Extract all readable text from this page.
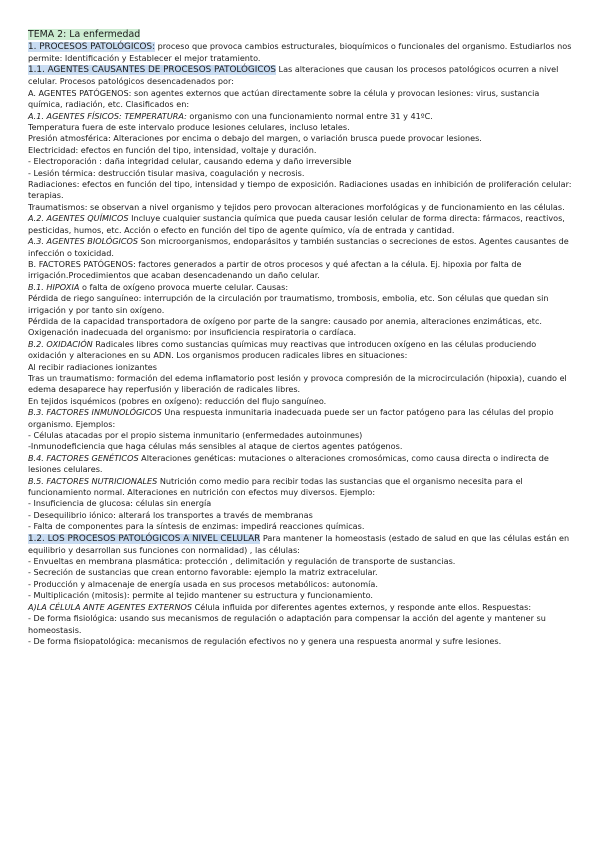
TEMA 2: La enfermedad

1. PROCESOS PATOLÓGICOS: proceso que provoca cambios estructurales, bioquímicos o funcionales del organismo. Estudiarlos nos permite: Identificación y Establecer el mejor tratamiento.

1.1. AGENTES CAUSANTES DE PROCESOS PATOLÓGICOS Las alteraciones que causan los procesos patológicos ocurren a nivel celular. Procesos patológicos desencadenados por:

A. AGENTES PATÓGENOS: son agentes externos que actúan directamente sobre la célula y provocan lesiones: virus, sustancia química, radiación, etc. Clasificados en:

A.1. AGENTES FÍSICOS: TEMPERATURA: organismo con una funcionamiento normal entre 31 y 41ºC.

Temperatura fuera de este intervalo produce lesiones celulares, incluso letales.

Presión atmosférica: Alteraciones por encima o debajo del margen, o variación brusca puede provocar lesiones.

Electricidad: efectos en función del tipo, intensidad, voltaje y duración.

- Electroporación : daña integridad celular, causando edema y daño irreversible

- Lesión térmica: destrucción tisular masiva, coagulación y necrosis.

Radiaciones: efectos en función del tipo, intensidad y tiempo de exposición. Radiaciones usadas en inhibición de proliferación celular: terapias.

Traumatismos: se observan a nivel organismo y tejidos pero provocan alteraciones morfológicas y de funcionamiento en las células.

A.2. AGENTES QUÍMICOS Incluye cualquier sustancia química que pueda causar lesión celular de forma directa: fármacos, reactivos, pesticidas, humos, etc. Acción o efecto en función del tipo de agente químico, vía de entrada y cantidad.

A.3. AGENTES BIOLÓGICOS Son microorganismos, endoparásitos y también sustancias o secreciones de estos. Agentes causantes de infección o toxicidad.

B. FACTORES PATÓGENOS: factores generados a partir de otros procesos y qué afectan a la célula. Ej. hipoxia por falta de irrigación.Procedimientos que acaban desencadenando un daño celular.

B.1. HIPOXIA o falta de oxígeno provoca muerte celular. Causas:

Pérdida de riego sanguíneo: interrupción de la circulación por traumatismo, trombosis, embolia, etc. Son células que quedan sin irrigación y por tanto sin oxígeno.

Pérdida de la capacidad transportadora de oxígeno por parte de la sangre: causado por anemia, alteraciones enzimáticas, etc.

Oxigenación inadecuada del organismo: por insuficiencia respiratoria o cardíaca.

B.2. OXIDACIÓN Radicales libres como sustancias químicas muy reactivas que introducen oxígeno en las células produciendo oxidación y alteraciones en su ADN. Los organismos producen radicales libres en situaciones:

Al recibir radiaciones ionizantes

Tras un traumatismo: formación del edema inflamatorio post lesión y provoca compresión de la microcirculación (hipoxia), cuando el edema desaparece hay reperfusión y liberación de radicales libres.

En tejidos isquémicos (pobres en oxígeno): reducción del flujo sanguíneo.

B.3. FACTORES INMUNOLÓGICOS Una respuesta inmunitaria inadecuada puede ser un factor patógeno para las células del propio organismo. Ejemplos:

- Células atacadas por el propio sistema inmunitario (enfermedades autoinmunes)

-Inmunodeficiencia que haga células más sensibles al ataque de ciertos agentes patógenos.

B.4. FACTORES GENÉTICOS Alteraciones genéticas: mutaciones o alteraciones cromosómicas, como causa directa o indirecta de lesiones celulares.

B.5. FACTORES NUTRICIONALES Nutrición como medio para recibir todas las sustancias que el organismo necesita para el funcionamiento normal. Alteraciones en nutrición con efectos muy diversos. Ejemplo:

- Insuficiencia de glucosa: células sin energía

- Desequilibrio iónico: alterará los transportes a través de membranas

- Falta de componentes para la síntesis de enzimas: impedirá reacciones químicas.

1.2. LOS PROCESOS PATOLÓGICOS A NIVEL CELULAR Para mantener la homeostasis (estado de salud en que las células están en equilibrio y desarrollan sus funciones con normalidad) , las células:

- Envueltas en membrana plasmática: protección , delimitación y regulación de transporte de sustancias.

- Secreción de sustancias que crean entorno favorable: ejemplo la matriz extracelular.

- Producción y almacenaje de energía usada en sus procesos metabólicos: autonomía.

- Multiplicación (mitosis): permite al tejido mantener su estructura y funcionamiento.

A)LA CÉLULA ANTE AGENTES EXTERNOS Célula influida por diferentes agentes externos, y responde ante ellos. Respuestas:

- De forma fisiológica: usando sus mecanismos de regulación o adaptación para compensar la acción del agente y mantener su homeostasis.

- De forma fisiopatológica: mecanismos de regulación efectivos no y genera una respuesta anormal y sufre lesiones.
